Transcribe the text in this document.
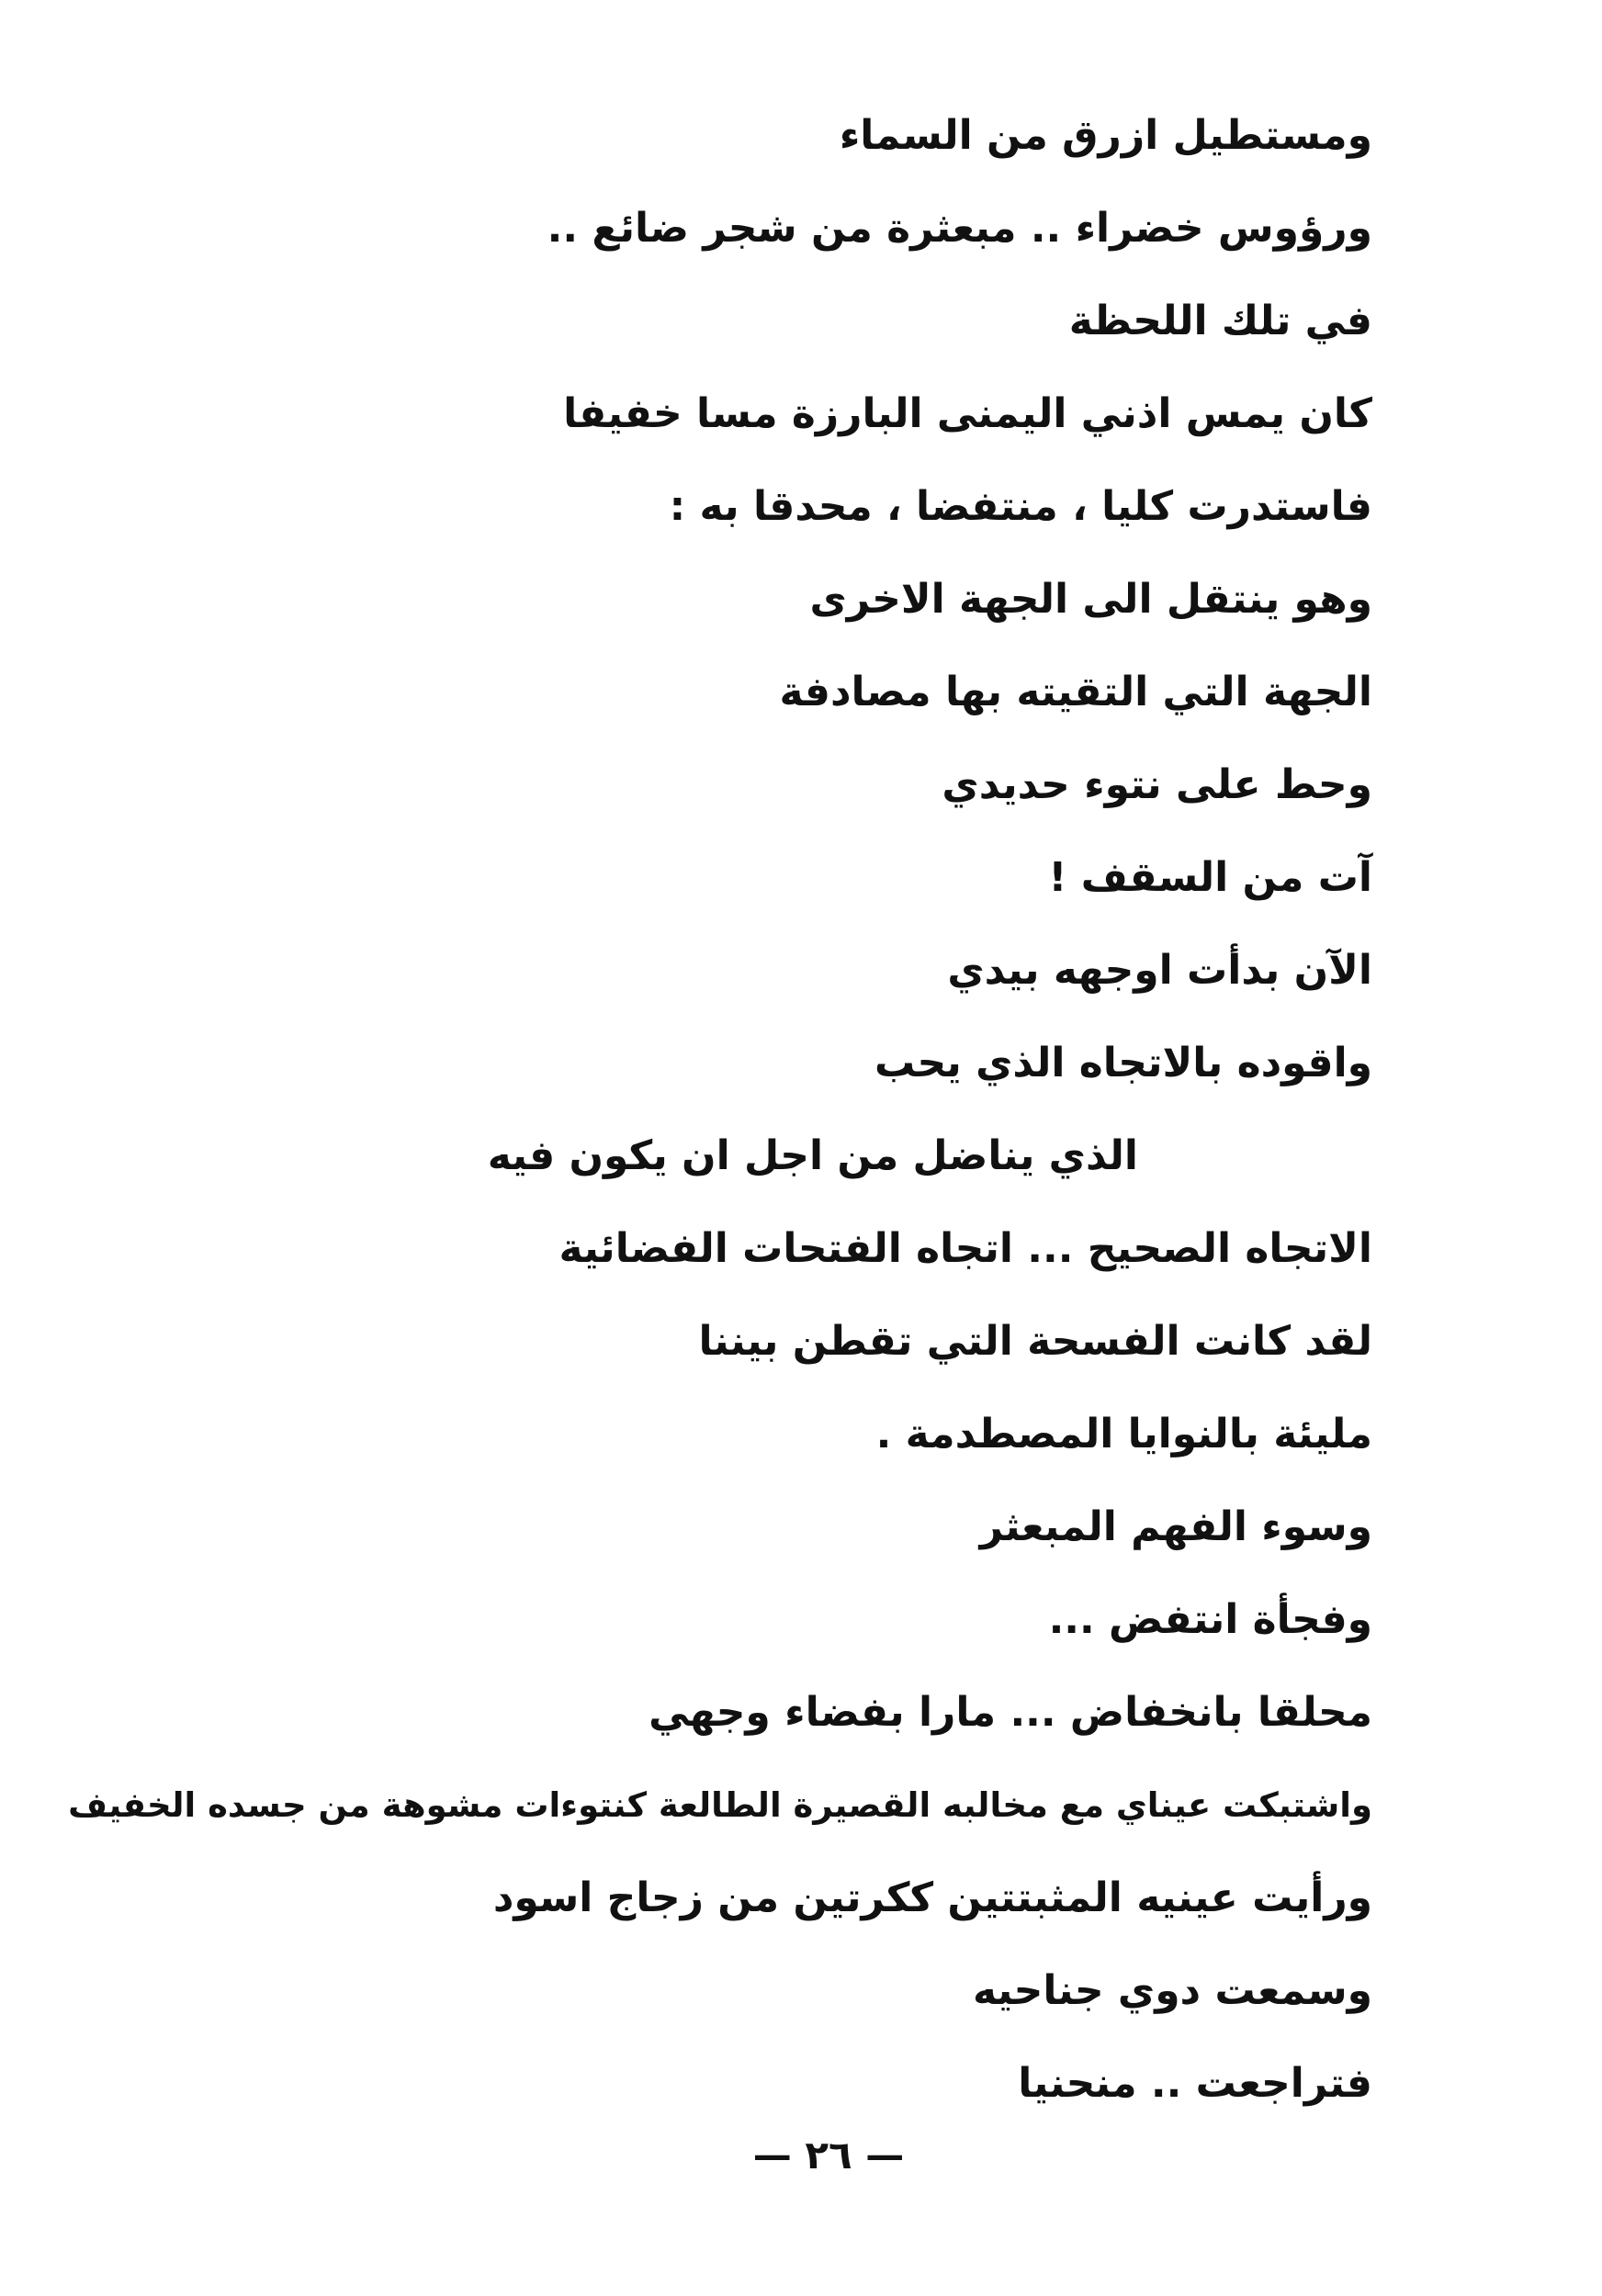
ومستطيل ازرق من السماء
ورؤوس خضراء .. مبعثرة من شجر ضائع ..
في تلك اللحظة
كان يمس اذني اليمنى البارزة مسا خفيفا
فاستدرت كليا ، منتفضا ، محدقا به :
وهو ينتقل الى الجهة الاخرى
الجهة التي التقيته بها مصادفة
وحط على نتوء حديدي
آت من السقف !
الآن بدأت اوجهه بيدي
واقوده بالاتجاه الذي يحب
الذي يناضل من اجل ان يكون فيه
الاتجاه الصحيح ... اتجاه الفتحات الفضائية
لقد كانت الفسحة التي تقطن بيننا
مليئة بالنوايا المصطدمة .
وسوء الفهم المبعثر
وفجأة انتفض ...
محلقا بانخفاض ... مارا بفضاء وجهي
واشتبكت عيناي مع مخالبه القصيرة الطالعة كنتوءات مشوهة من جسده الخفيف
ورأيت عينيه المثبتتين ككرتين من زجاج اسود
وسمعت دوي جناحيه
فتراجعت .. منحنيا
— ٢٦ —
